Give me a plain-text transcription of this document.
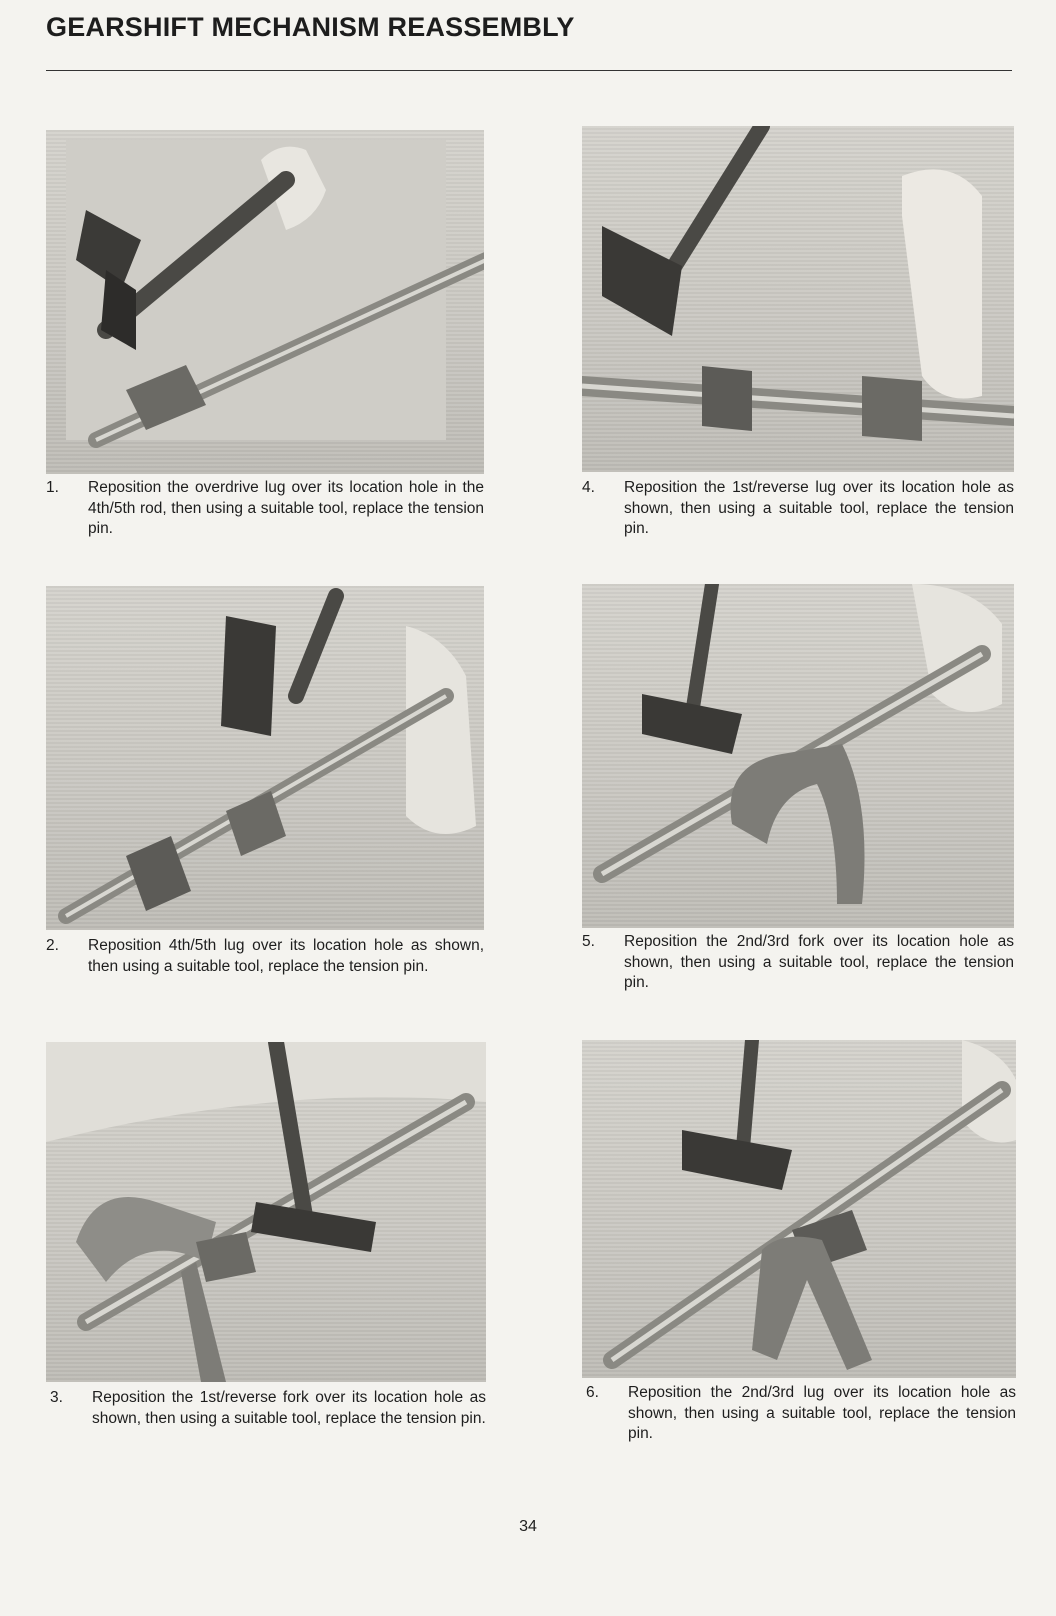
GEARSHIFT MECHANISM REASSEMBLY
1.	Reposition the overdrive lug over its location hole in the 4th/5th rod, then using a suitable tool, replace the tension pin.
2.	Reposition 4th/5th lug over its location hole as shown, then using a suitable tool, replace the tension pin.
3.	Reposition the 1st/reverse fork over its location hole as shown, then using a suitable tool, replace the tension pin.
4.	Reposition the 1st/reverse lug over its location hole as shown, then using a suitable tool, replace the tension pin.
5.	Reposition the 2nd/3rd fork over its location hole as shown, then using a suitable tool, replace the tension pin.
6.	Reposition the 2nd/3rd lug over its location hole as shown, then using a suitable tool, replace the tension pin.
34
